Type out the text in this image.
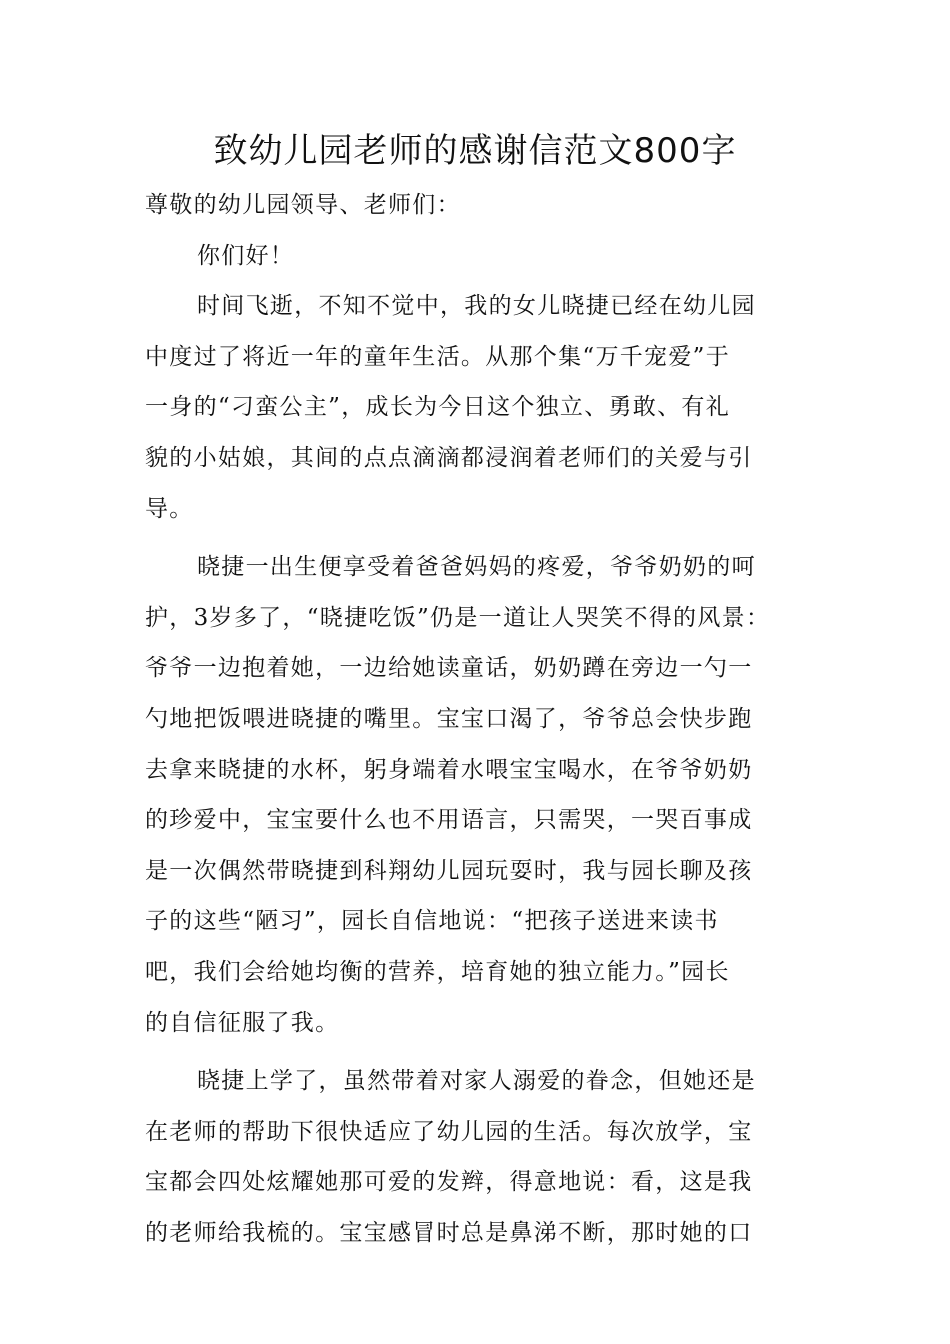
致幼儿园老师的感谢信范文800字
尊敬的幼儿园领导、老师们：
你们好！
时间飞逝，不知不觉中，我的女儿晓捷已经在幼儿园
中度过了将近一年的童年生活。从那个集“万千宠爱”于
一身的“刁蛮公主”，成长为今日这个独立、勇敢、有礼
貌的小姑娘，其间的点点滴滴都浸润着老师们的关爱与引
导。
晓捷一出生便享受着爸爸妈妈的疼爱，爷爷奶奶的呵
护，3岁多了，“晓捷吃饭”仍是一道让人哭笑不得的风景：
爷爷一边抱着她，一边给她读童话，奶奶蹲在旁边一勺一
勺地把饭喂进晓捷的嘴里。宝宝口渴了，爷爷总会快步跑
去拿来晓捷的水杯，躬身端着水喂宝宝喝水，在爷爷奶奶
的珍爱中，宝宝要什么也不用语言，只需哭，一哭百事成
是一次偶然带晓捷到科翔幼儿园玩耍时，我与园长聊及孩
子的这些“陋习”，园长自信地说：“把孩子送进来读书
吧，我们会给她均衡的营养，培育她的独立能力。”园长
的自信征服了我。
晓捷上学了，虽然带着对家人溺爱的眷念，但她还是
在老师的帮助下很快适应了幼儿园的生活。每次放学，宝
宝都会四处炫耀她那可爱的发辫，得意地说：看，这是我
的老师给我梳的。宝宝感冒时总是鼻涕不断，那时她的口
